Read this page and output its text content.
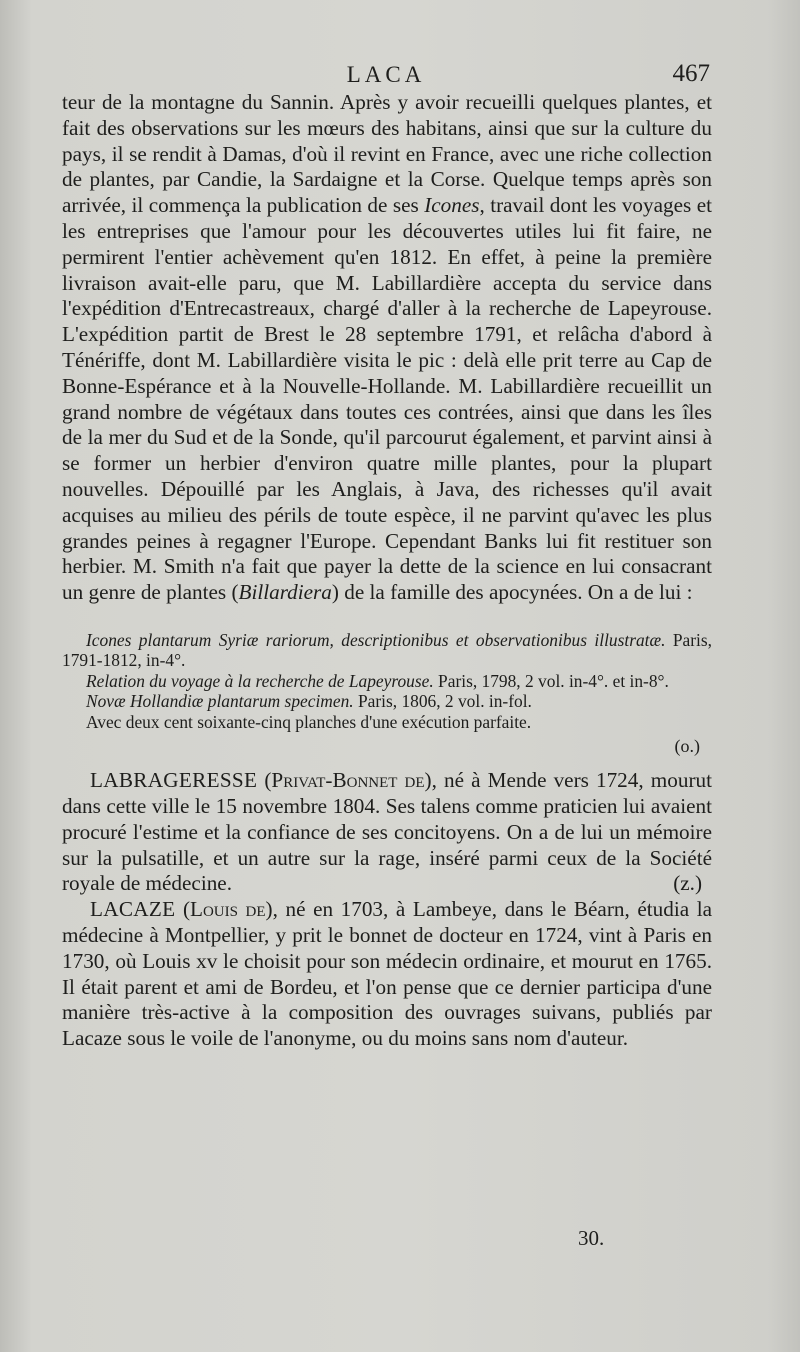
LACA	467

teur de la montagne du Sannin. Après y avoir recueilli quelques plantes, et fait des observations sur les mœurs des habitans, ainsi que sur la culture du pays, il se rendit à Damas, d'où il revint en France, avec une riche collection de plantes, par Candie, la Sardaigne et la Corse. Quelque temps après son arrivée, il commença la publication de ses Icones, travail dont les voyages et les entreprises que l'amour pour les découvertes utiles lui fit faire, ne permirent l'entier achèvement qu'en 1812. En effet, à peine la première livraison avait-elle paru, que M. Labillardière accepta du service dans l'expédition d'Entrecastreaux, chargé d'aller à la recherche de Lapeyrouse. L'expédition partit de Brest le 28 septembre 1791, et relâcha d'abord à Ténériffe, dont M. Labillardière visita le pic : delà elle prit terre au Cap de Bonne-Espérance et à la Nouvelle-Hollande. M. Labillardière recueillit un grand nombre de végétaux dans toutes ces contrées, ainsi que dans les îles de la mer du Sud et de la Sonde, qu'il parcourut également, et parvint ainsi à se former un herbier d'environ quatre mille plantes, pour la plupart nouvelles. Dépouillé par les Anglais, à Java, des richesses qu'il avait acquises au milieu des périls de toute espèce, il ne parvint qu'avec les plus grandes peines à regagner l'Europe. Cependant Banks lui fit restituer son herbier. M. Smith n'a fait que payer la dette de la science en lui consacrant un genre de plantes (Billardiera) de la famille des apocynées. On a de lui :

Icones plantarum Syriæ rariorum, descriptionibus et observationibus illustratæ. Paris, 1791-1812, in-4°.

Relation du voyage à la recherche de Lapeyrouse. Paris, 1798, 2 vol. in-4°. et in-8°.

Novæ Hollandiæ plantarum specimen. Paris, 1806, 2 vol. in-fol.

Avec deux cent soixante-cinq planches d'une exécution parfaite.

(o.)

LABRAGERESSE (Privat-Bonnet de), né à Mende vers 1724, mourut dans cette ville le 15 novembre 1804. Ses talens comme praticien lui avaient procuré l'estime et la confiance de ses concitoyens. On a de lui un mémoire sur la pulsatille, et un autre sur la rage, inséré parmi ceux de la Société royale de médecine.	(z.)

LACAZE (Louis de), né en 1703, à Lambeye, dans le Béarn, étudia la médecine à Montpellier, y prit le bonnet de docteur en 1724, vint à Paris en 1730, où Louis xv le choisit pour son médecin ordinaire, et mourut en 1765. Il était parent et ami de Bordeu, et l'on pense que ce dernier participa d'une manière très-active à la composition des ouvrages suivans, publiés par Lacaze sous le voile de l'anonyme, ou du moins sans nom d'auteur.

30.
